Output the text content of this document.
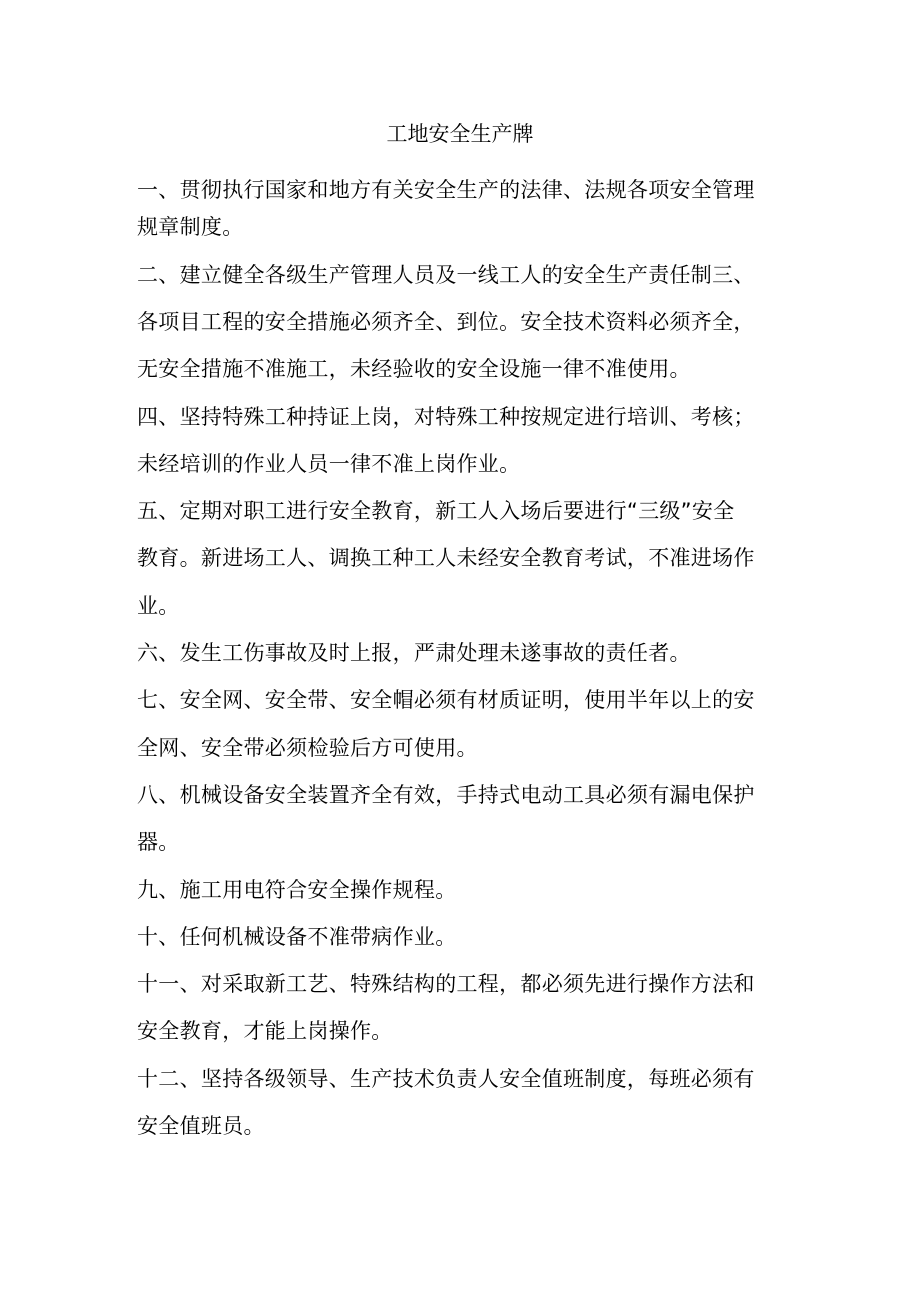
工地安全生产牌
一、贯彻执行国家和地方有关安全生产的法律、法规各项安全管理
规章制度。
二、建立健全各级生产管理人员及一线工人的安全生产责任制三、
各项目工程的安全措施必须齐全、到位。安全技术资料必须齐全，
无安全措施不准施工，未经验收的安全设施一律不准使用。
四、坚持特殊工种持证上岗，对特殊工种按规定进行培训、考核；
未经培训的作业人员一律不准上岗作业。
五、定期对职工进行安全教育，新工人入场后要进行“三级”安全
教育。新进场工人、调换工种工人未经安全教育考试，不准进场作
业。
六、发生工伤事故及时上报，严肃处理未遂事故的责任者。
七、安全网、安全带、安全帽必须有材质证明，使用半年以上的安
全网、安全带必须检验后方可使用。
八、机械设备安全装置齐全有效，手持式电动工具必须有漏电保护
器。
九、施工用电符合安全操作规程。
十、任何机械设备不准带病作业。
十一、对采取新工艺、特殊结构的工程，都必须先进行操作方法和
安全教育，才能上岗操作。
十二、坚持各级领导、生产技术负责人安全值班制度，每班必须有
安全值班员。
